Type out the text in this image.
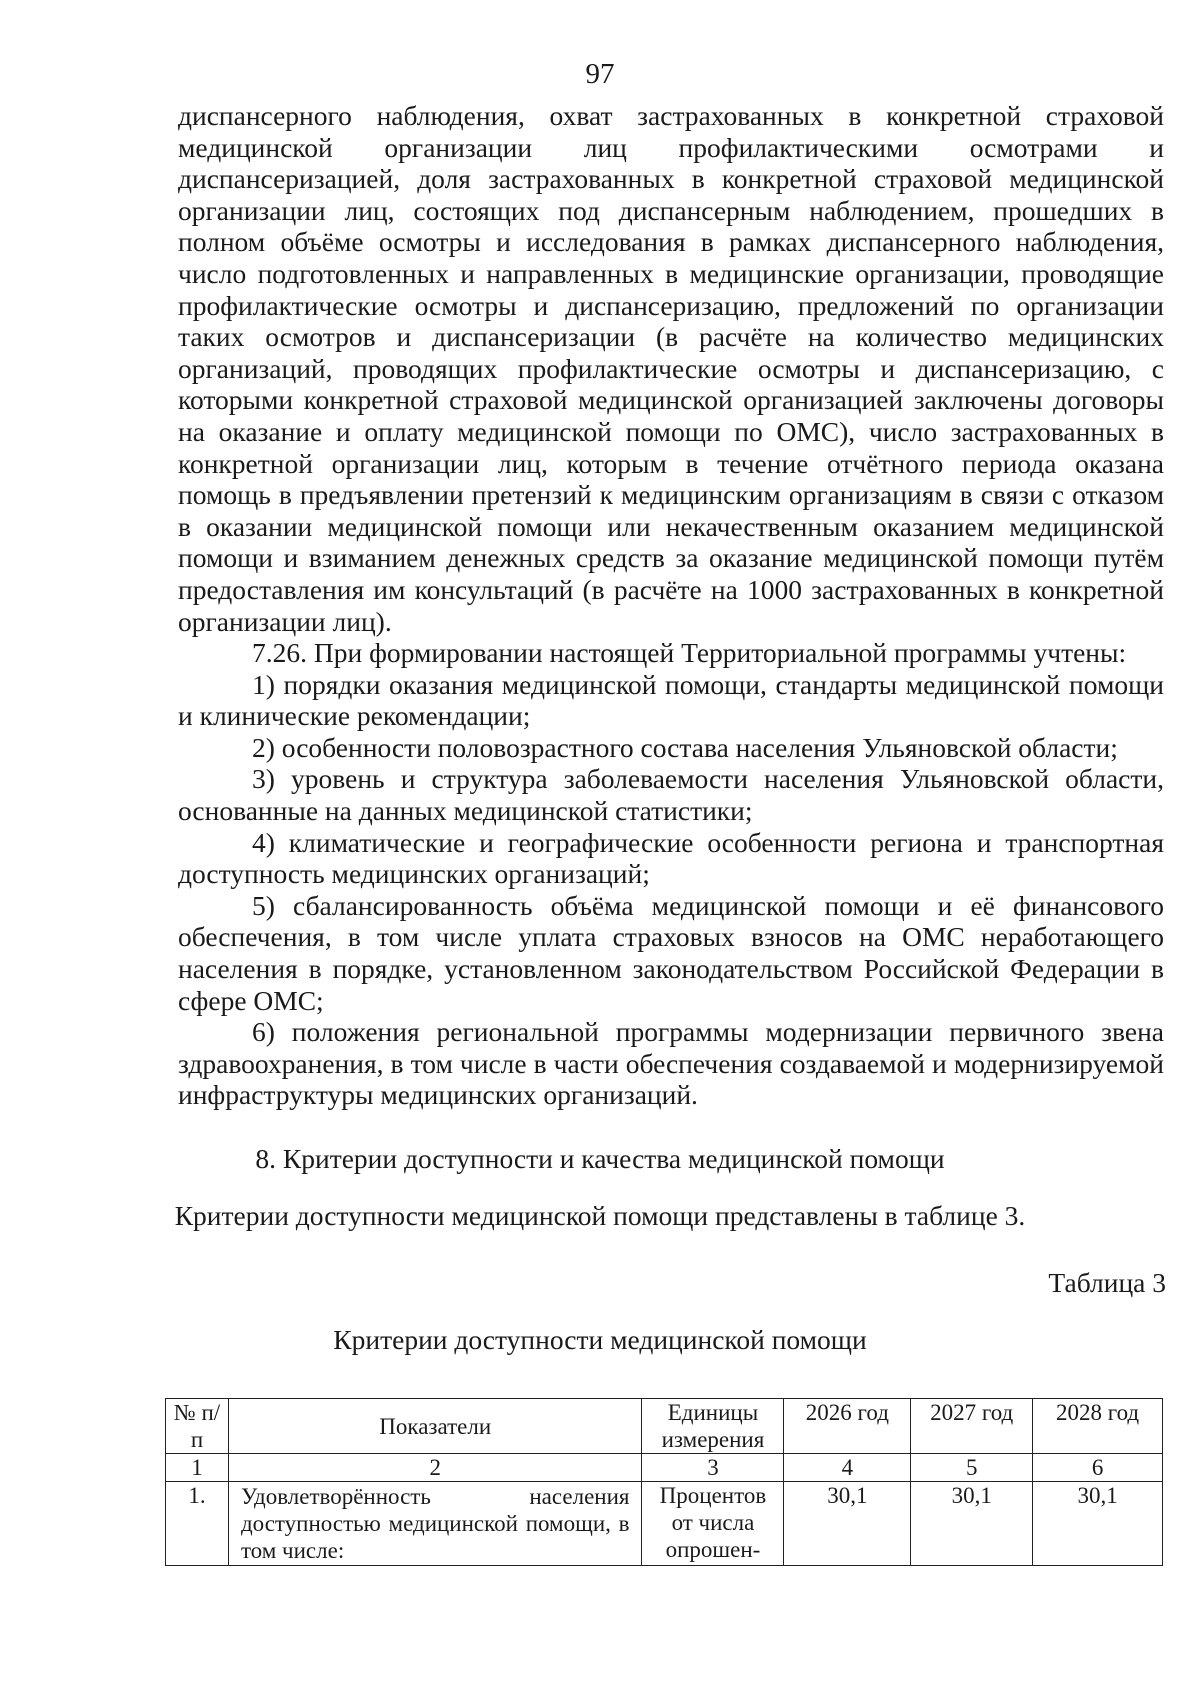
97

диспансерного наблюдения, охват застрахованных в конкретной страховой медицинской организации лиц профилактическими осмотрами и диспансеризацией, доля застрахованных в конкретной страховой медицинской организации лиц, состоящих под диспансерным наблюдением, прошедших в полном объёме осмотры и исследования в рамках диспансерного наблюдения, число подготовленных и направленных в медицинские организации, проводящие профилактические осмотры и диспансеризацию, предложений по организации таких осмотров и диспансеризации (в расчёте на количество медицинских организаций, проводящих профилактические осмотры и диспансеризацию, с которыми конкретной страховой медицинской организацией заключены договоры на оказание и оплату медицинской помощи по ОМС), число застрахованных в конкретной организации лиц, которым в течение отчётного периода оказана помощь в предъявлении претензий к медицинским организациям в связи с отказом в оказании медицинской помощи или некачественным оказанием медицинской помощи и взиманием денежных средств за оказание медицинской помощи путём предоставления им консультаций (в расчёте на 1000 застрахованных в конкретной организации лиц).

7.26. При формировании настоящей Территориальной программы учтены:

1) порядки оказания медицинской помощи, стандарты медицинской помощи и клинические рекомендации;

2) особенности половозрастного состава населения Ульяновской области;

3) уровень и структура заболеваемости населения Ульяновской области, основанные на данных медицинской статистики;

4) климатические и географические особенности региона и транспортная доступность медицинских организаций;

5) сбалансированность объёма медицинской помощи и её финансового обеспечения, в том числе уплата страховых взносов на ОМС неработающего населения в порядке, установленном законодательством Российской Федерации в сфере ОМС;

6) положения региональной программы модернизации первичного звена здравоохранения, в том числе в части обеспечения создаваемой и модернизируемой инфраструктуры медицинских организаций.

8. Критерии доступности и качества медицинской помощи
Критерии доступности медицинской помощи представлены в таблице 3.
Таблица 3
Критерии доступности медицинской помощи
№ п/п	Показатели	Единицы измерения	2026 год	2027 год	2028 год
1	2	3	4	5	6
1.	Удовлетворённость населения доступностью медицинской помощи, в том числе:	Процентов от числа опрошен-	30,1	30,1	30,1
